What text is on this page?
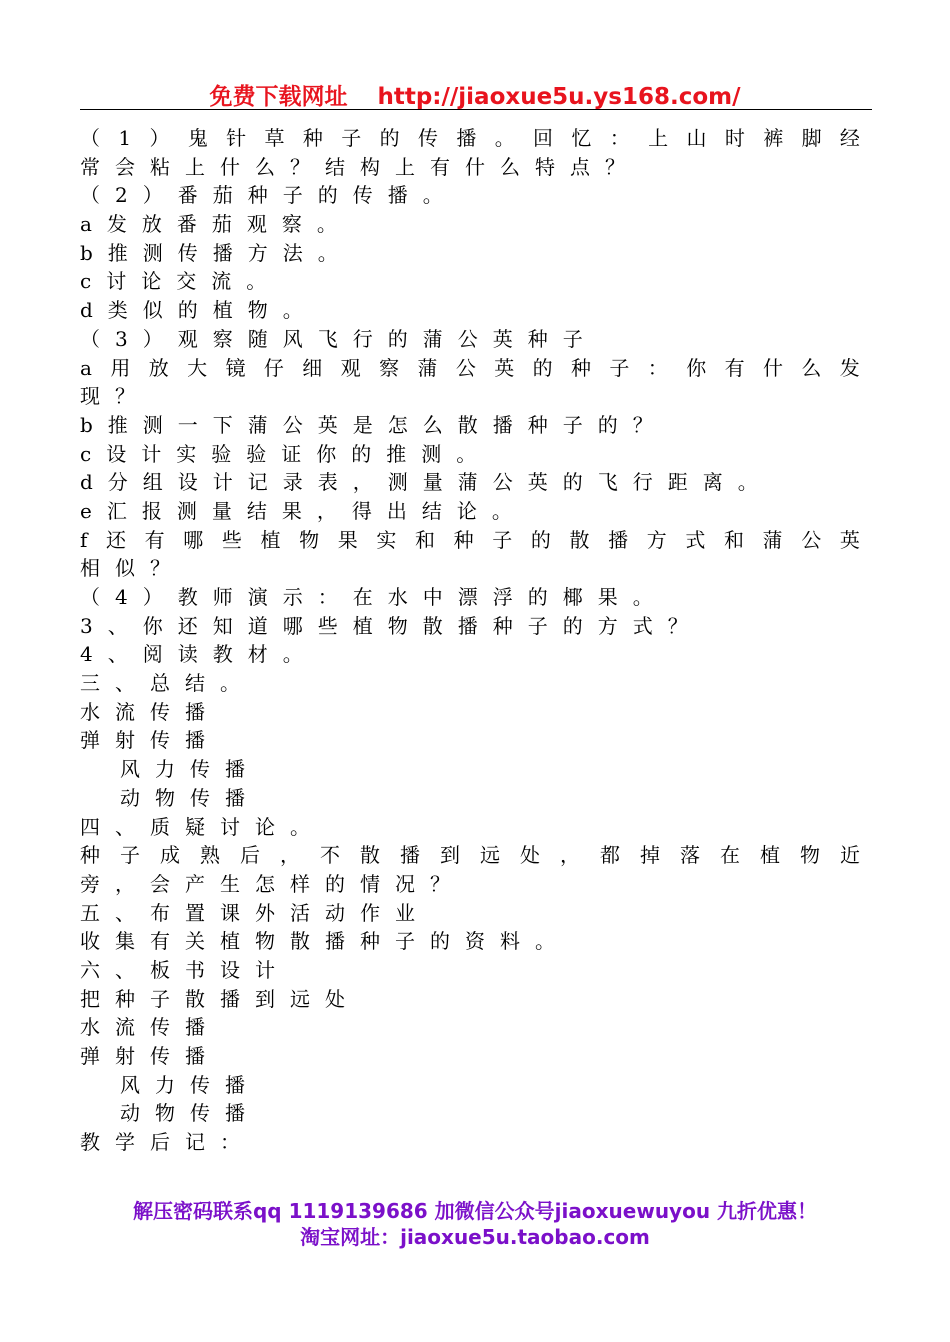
免费下载网址 http://jiaoxue5u.ys168.com/
（ 1 ） 鬼 针 草 种 子 的 传 播 。 回 忆 ： 上 山 时 裤 脚 经
常会粘上什么？结构上有什么特点？
（2）番茄种子的传播。
a发放番茄观察。
b推测传播方法。
c讨论交流。
d类似的植物。
（3）观察随风飞行的蒲公英种子
a 用 放 大 镜 仔 细 观 察 蒲 公 英 的 种 子 ： 你 有 什 么 发
现？
b推测一下蒲公英是怎么散播种子的？
c设计实验验证你的推测。
d分组设计记录表，测量蒲公英的飞行距离。
e汇报测量结果，得出结论。
f 还 有 哪 些 植 物 果 实 和 种 子 的 散 播 方 式 和 蒲 公 英
相似？
（4）教师演示：在水中漂浮的椰果。
3、你还知道哪些植物散播种子的方式？
4、阅读教材。
三、总结。
水流传播
弹射传播
风力传播
动物传播
四、质疑讨论。
种 子 成 熟 后 ， 不 散 播 到 远 处 ， 都 掉 落 在 植 物 近
旁，会产生怎样的情况？
五、布置课外活动作业
收集有关植物散播种子的资料。
六、板书设计
把种子散播到远处
水流传播
弹射传播
风力传播
动物传播
教学后记：
解压密码联系qq 1119139686 加微信公众号jiaoxuewuyou 九折优惠！
淘宝网址：jiaoxue5u.taobao.com
